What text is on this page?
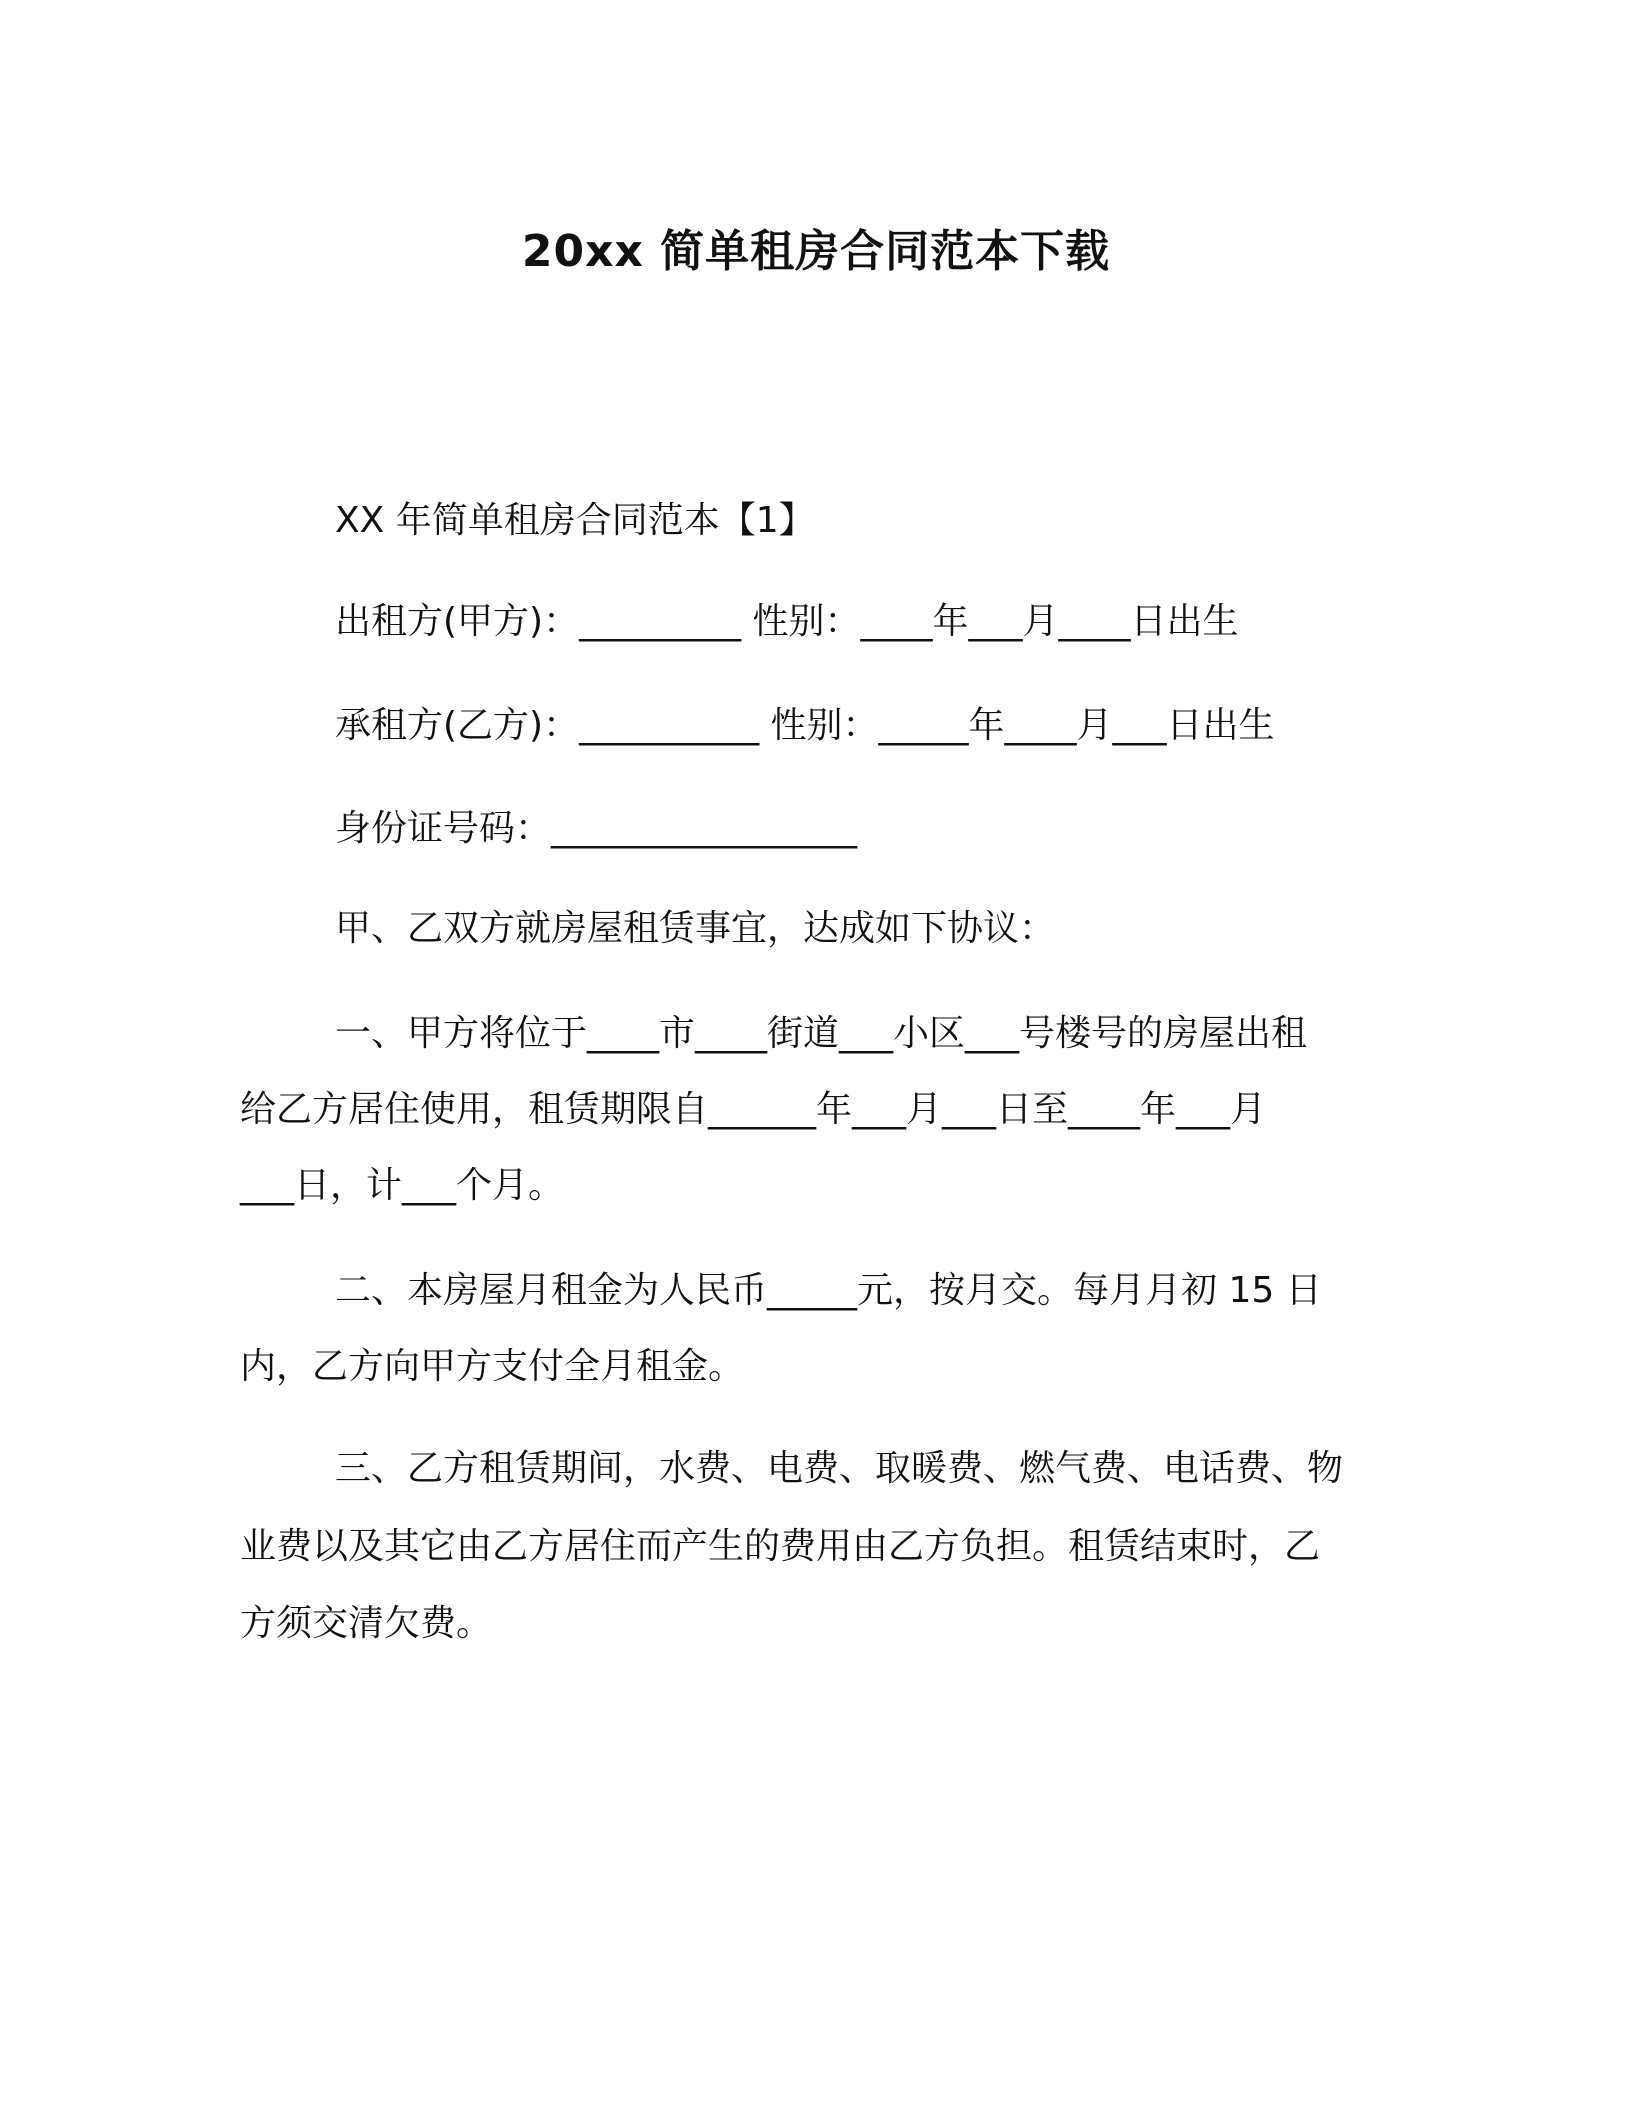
20xx 简单租房合同范本下载

XX 年简单租房合同范本【1】

出租方(甲方)：_________ 性别：____年___月____日出生

承租方(乙方)：__________ 性别：_____年____月___日出生

身份证号码：_________________

甲、乙双方就房屋租赁事宜，达成如下协议：

一、甲方将位于____市____街道___小区___号楼号的房屋出租

给乙方居住使用，租赁期限自______年___月___日至____年___月

___日，计___个月。

二、本房屋月租金为人民币_____元，按月交。每月月初 15 日

内，乙方向甲方支付全月租金。

三、乙方租赁期间，水费、电费、取暖费、燃气费、电话费、物

业费以及其它由乙方居住而产生的费用由乙方负担。租赁结束时，乙

方须交清欠费。
